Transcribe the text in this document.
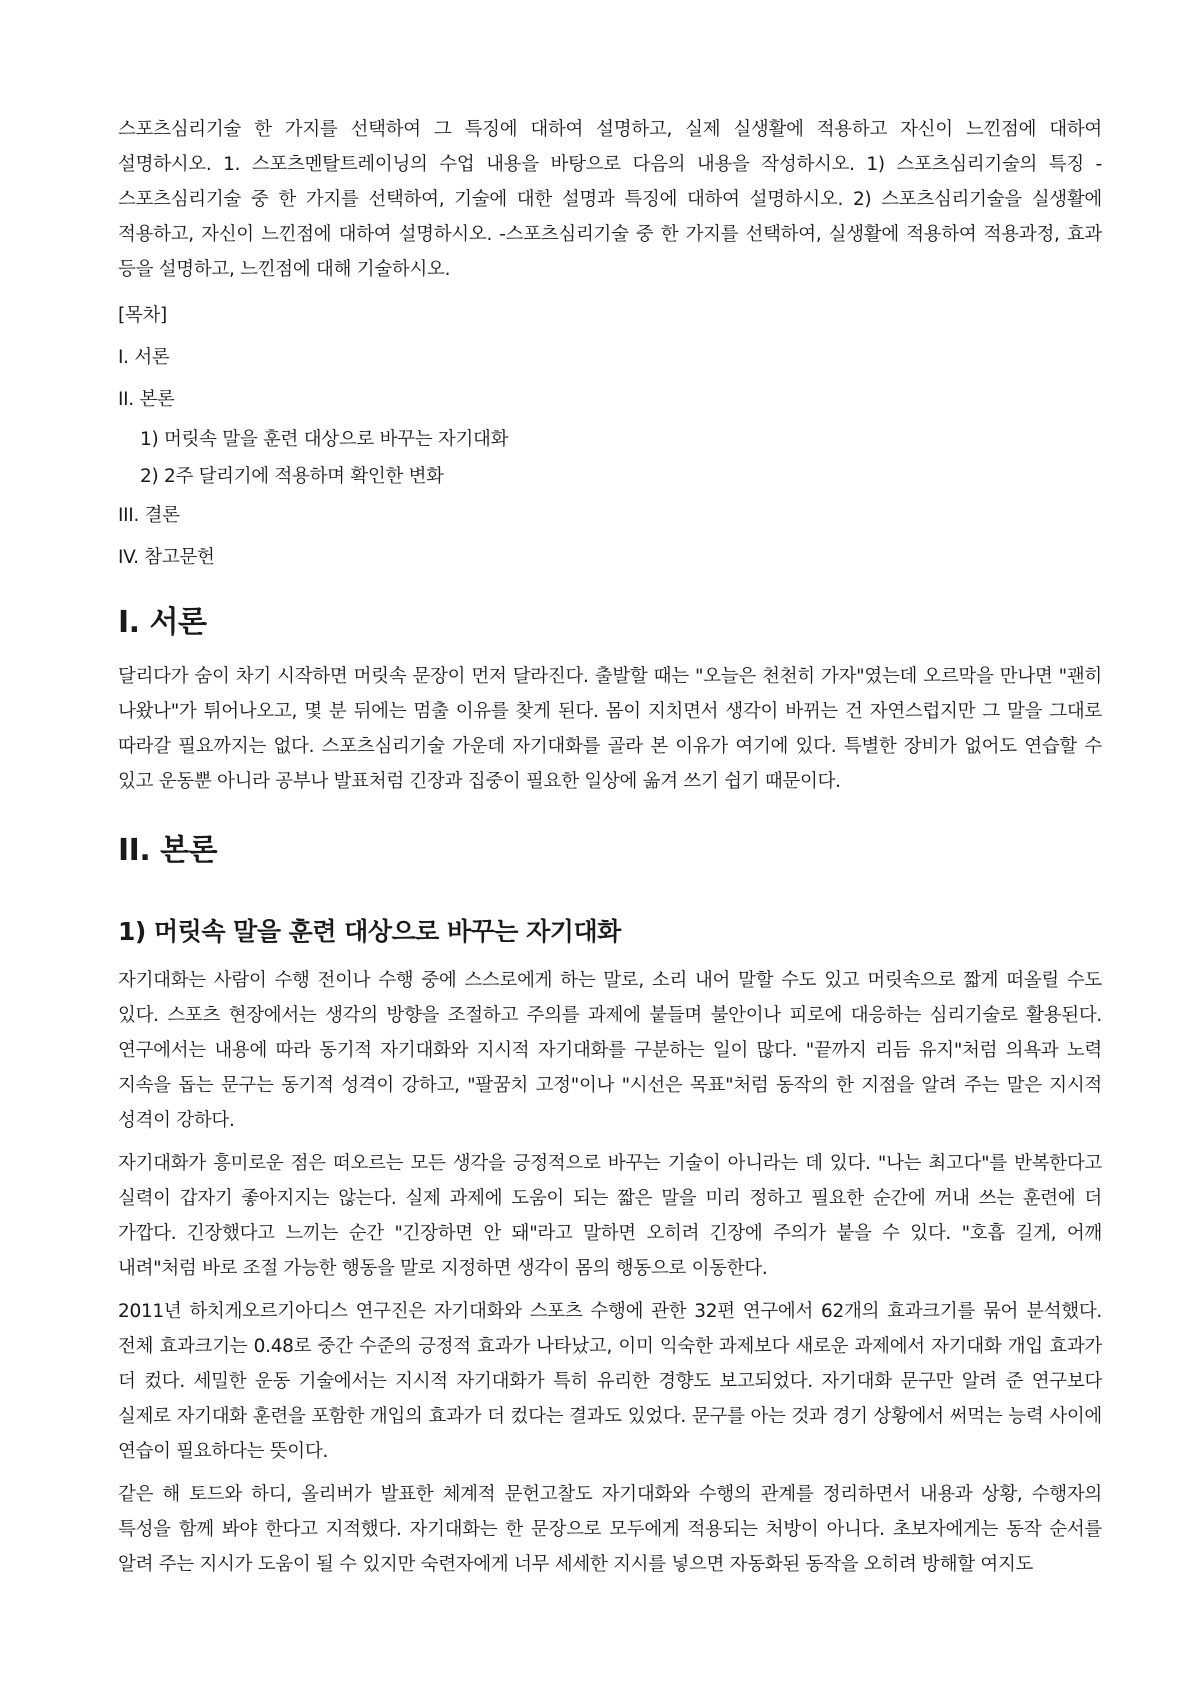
스포츠심리기술 한 가지를 선택하여 그 특징에 대하여 설명하고, 실제 실생활에 적용하고 자신이 느낀점에 대하여 설명하시오. 1. 스포츠멘탈트레이닝의 수업 내용을 바탕으로 다음의 내용을 작성하시오. 1) 스포츠심리기술의 특징 -스포츠심리기술 중 한 가지를 선택하여, 기술에 대한 설명과 특징에 대하여 설명하시오. 2) 스포츠심리기술을 실생활에 적용하고, 자신이 느낀점에 대하여 설명하시오. -스포츠심리기술 중 한 가지를 선택하여, 실생활에 적용하여 적용과정, 효과 등을 설명하고, 느낀점에 대해 기술하시오.

[목차]

I. 서론
II. 본론
1) 머릿속 말을 훈련 대상으로 바꾸는 자기대화
2) 2주 달리기에 적용하며 확인한 변화
III. 결론
IV. 참고문헌
I. 서론

달리다가 숨이 차기 시작하면 머릿속 문장이 먼저 달라진다. 출발할 때는 "오늘은 천천히 가자"였는데 오르막을 만나면 "괜히 나왔나"가 튀어나오고, 몇 분 뒤에는 멈출 이유를 찾게 된다. 몸이 지치면서 생각이 바뀌는 건 자연스럽지만 그 말을 그대로 따라갈 필요까지는 없다. 스포츠심리기술 가운데 자기대화를 골라 본 이유가 여기에 있다. 특별한 장비가 없어도 연습할 수 있고 운동뿐 아니라 공부나 발표처럼 긴장과 집중이 필요한 일상에 옮겨 쓰기 쉽기 때문이다.

II. 본론
1) 머릿속 말을 훈련 대상으로 바꾸는 자기대화

자기대화는 사람이 수행 전이나 수행 중에 스스로에게 하는 말로, 소리 내어 말할 수도 있고 머릿속으로 짧게 떠올릴 수도 있다. 스포츠 현장에서는 생각의 방향을 조절하고 주의를 과제에 붙들며 불안이나 피로에 대응하는 심리기술로 활용된다. 연구에서는 내용에 따라 동기적 자기대화와 지시적 자기대화를 구분하는 일이 많다. "끝까지 리듬 유지"처럼 의욕과 노력 지속을 돕는 문구는 동기적 성격이 강하고, "팔꿈치 고정"이나 "시선은 목표"처럼 동작의 한 지점을 알려 주는 말은 지시적 성격이 강하다.

자기대화가 흥미로운 점은 떠오르는 모든 생각을 긍정적으로 바꾸는 기술이 아니라는 데 있다. "나는 최고다"를 반복한다고 실력이 갑자기 좋아지지는 않는다. 실제 과제에 도움이 되는 짧은 말을 미리 정하고 필요한 순간에 꺼내 쓰는 훈련에 더 가깝다. 긴장했다고 느끼는 순간 "긴장하면 안 돼"라고 말하면 오히려 긴장에 주의가 붙을 수 있다. "호흡 길게, 어깨 내려"처럼 바로 조절 가능한 행동을 말로 지정하면 생각이 몸의 행동으로 이동한다.

2011년 하치게오르기아디스 연구진은 자기대화와 스포츠 수행에 관한 32편 연구에서 62개의 효과크기를 묶어 분석했다. 전체 효과크기는 0.48로 중간 수준의 긍정적 효과가 나타났고, 이미 익숙한 과제보다 새로운 과제에서 자기대화 개입 효과가 더 컸다. 세밀한 운동 기술에서는 지시적 자기대화가 특히 유리한 경향도 보고되었다. 자기대화 문구만 알려 준 연구보다 실제로 자기대화 훈련을 포함한 개입의 효과가 더 컸다는 결과도 있었다. 문구를 아는 것과 경기 상황에서 써먹는 능력 사이에 연습이 필요하다는 뜻이다.

같은 해 토드와 하디, 올리버가 발표한 체계적 문헌고찰도 자기대화와 수행의 관계를 정리하면서 내용과 상황, 수행자의 특성을 함께 봐야 한다고 지적했다. 자기대화는 한 문장으로 모두에게 적용되는 처방이 아니다. 초보자에게는 동작 순서를 알려 주는 지시가 도움이 될 수 있지만 숙련자에게 너무 세세한 지시를 넣으면 자동화된 동작을 오히려 방해할 여지도
